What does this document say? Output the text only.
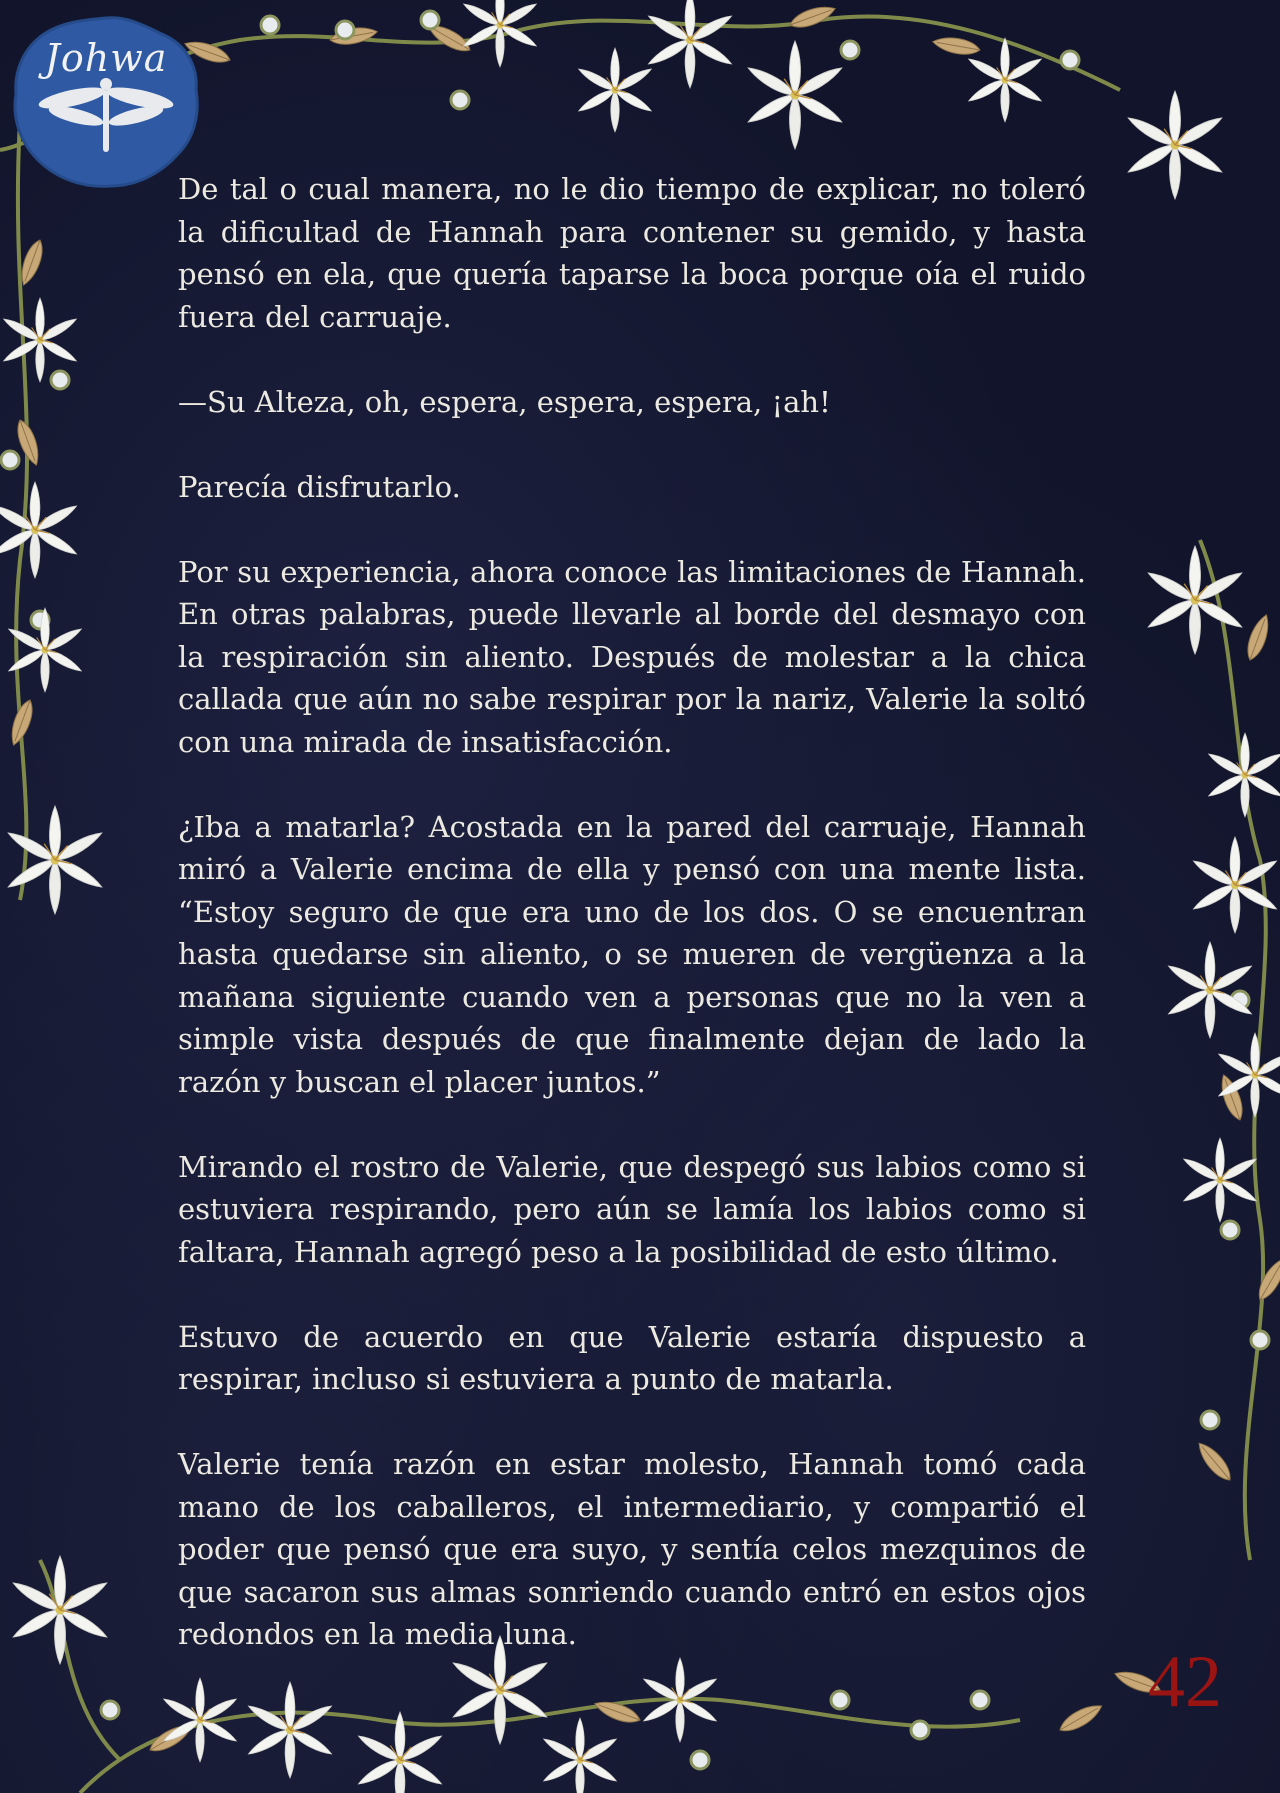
Johwa

De tal o cual manera, no le dio tiempo de explicar, no toleró la dificultad de Hannah para contener su gemido, y hasta pensó en ela, que quería taparse la boca porque oía el ruido fuera del carruaje.

—Su Alteza, oh, espera, espera, espera, ¡ah!

Parecía disfrutarlo.

Por su experiencia, ahora conoce las limitaciones de Hannah. En otras palabras, puede llevarle al borde del desmayo con la respiración sin aliento. Después de molestar a la chica callada que aún no sabe respirar por la nariz, Valerie la soltó con una mirada de insatisfacción.

¿Iba a matarla? Acostada en la pared del carruaje, Hannah miró a Valerie encima de ella y pensó con una mente lista. “Estoy seguro de que era uno de los dos. O se encuentran hasta quedarse sin aliento, o se mueren de vergüenza a la mañana siguiente cuando ven a personas que no la ven a simple vista después de que finalmente dejan de lado la razón y buscan el placer juntos.”

Mirando el rostro de Valerie, que despegó sus labios como si estuviera respirando, pero aún se lamía los labios como si faltara, Hannah agregó peso a la posibilidad de esto último.

Estuvo de acuerdo en que Valerie estaría dispuesto a respirar, incluso si estuviera a punto de matarla.

Valerie tenía razón en estar molesto, Hannah tomó cada mano de los caballeros, el intermediario, y compartió el poder que pensó que era suyo, y sentía celos mezquinos de que sacaron sus almas sonriendo cuando entró en estos ojos redondos en la media luna.

42
